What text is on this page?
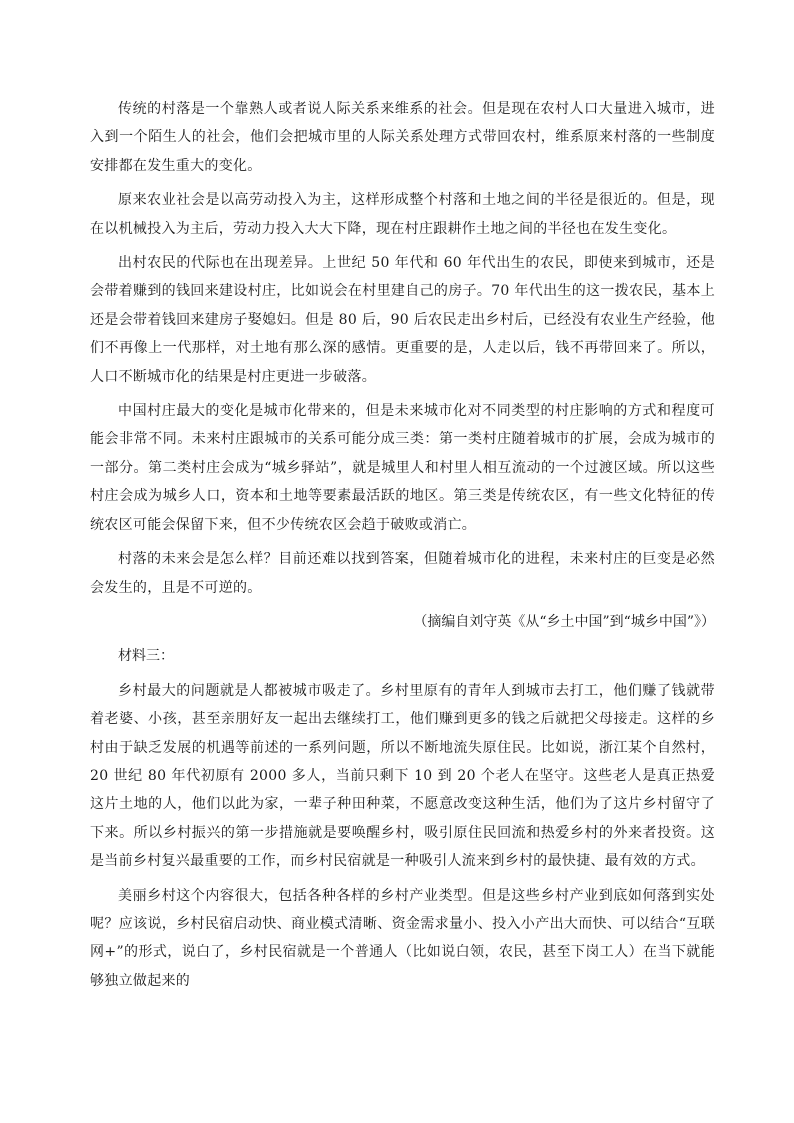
传统的村落是一个靠熟人或者说人际关系来维系的社会。但是现在农村人口大量进入城市，进入到一个陌生人的社会，他们会把城市里的人际关系处理方式带回农村，维系原来村落的一些制度安排都在发生重大的变化。

原来农业社会是以高劳动投入为主，这样形成整个村落和土地之间的半径是很近的。但是，现在以机械投入为主后，劳动力投入大大下降，现在村庄跟耕作土地之间的半径也在发生变化。

出村农民的代际也在出现差异。上世纪 50 年代和 60 年代出生的农民，即使来到城市，还是会带着赚到的钱回来建设村庄，比如说会在村里建自己的房子。70 年代出生的这一拨农民，基本上还是会带着钱回来建房子娶媳妇。但是 80 后，90 后农民走出乡村后，已经没有农业生产经验，他们不再像上一代那样，对土地有那么深的感情。更重要的是，人走以后，钱不再带回来了。所以，人口不断城市化的结果是村庄更进一步破落。

中国村庄最大的变化是城市化带来的，但是未来城市化对不同类型的村庄影响的方式和程度可能会非常不同。未来村庄跟城市的关系可能分成三类：第一类村庄随着城市的扩展，会成为城市的一部分。第二类村庄会成为“城乡驿站”，就是城里人和村里人相互流动的一个过渡区域。所以这些村庄会成为城乡人口，资本和土地等要素最活跃的地区。第三类是传统农区，有一些文化特征的传统农区可能会保留下来，但不少传统农区会趋于破败或消亡。

村落的未来会是怎么样？目前还难以找到答案，但随着城市化的进程，未来村庄的巨变是必然会发生的，且是不可逆的。

（摘编自刘守英《从“乡土中国”到“城乡中国”》）

材料三：

乡村最大的问题就是人都被城市吸走了。乡村里原有的青年人到城市去打工，他们赚了钱就带着老婆、小孩，甚至亲朋好友一起出去继续打工，他们赚到更多的钱之后就把父母接走。这样的乡村由于缺乏发展的机遇等前述的一系列问题，所以不断地流失原住民。比如说，浙江某个自然村，20 世纪 80 年代初原有 2000 多人，当前只剩下 10 到 20 个老人在坚守。这些老人是真正热爱这片土地的人，他们以此为家，一辈子种田种菜，不愿意改变这种生活，他们为了这片乡村留守了下来。所以乡村振兴的第一步措施就是要唤醒乡村，吸引原住民回流和热爱乡村的外来者投资。这是当前乡村复兴最重要的工作，而乡村民宿就是一种吸引人流来到乡村的最快捷、最有效的方式。

美丽乡村这个内容很大，包括各种各样的乡村产业类型。但是这些乡村产业到底如何落到实处呢？应该说，乡村民宿启动快、商业模式清晰、资金需求量小、投入小产出大而快、可以结合“互联网+”的形式，说白了，乡村民宿就是一个普通人（比如说白领，农民，甚至下岗工人）在当下就能够独立做起来的
